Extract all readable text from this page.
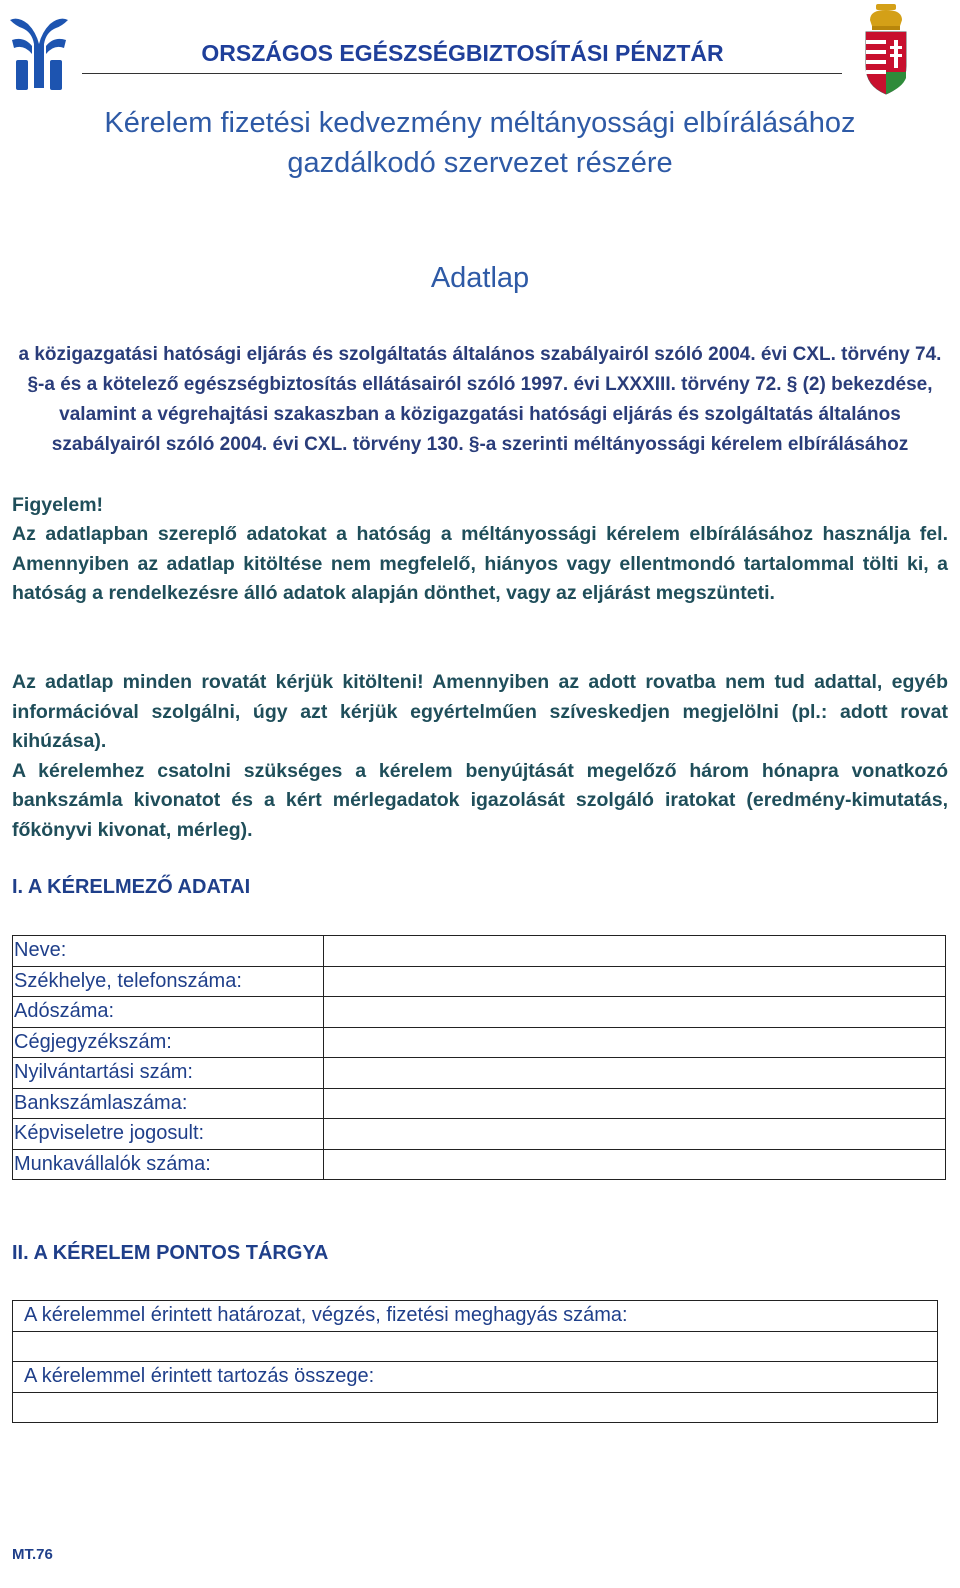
ORSZÁGOS EGÉSZSÉGBIZTOSÍTÁSI PÉNZTÁR
Kérelem fizetési kedvezmény méltányossági elbírálásához
gazdálkodó szervezet részére
Adatlap
a közigazgatási hatósági eljárás és szolgáltatás általános szabályairól szóló 2004. évi CXL. törvény 74. §-a és a kötelező egészségbiztosítás ellátásairól szóló 1997. évi LXXXIII. törvény 72. § (2) bekezdése, valamint a végrehajtási szakaszban a közigazgatási hatósági eljárás és szolgáltatás általános szabályairól szóló 2004. évi CXL. törvény 130. §-a szerinti méltányossági kérelem elbírálásához
Figyelem!
Az adatlapban szereplő adatokat a hatóság a méltányossági kérelem elbírálásához használja fel. Amennyiben az adatlap kitöltése nem megfelelő, hiányos vagy ellentmondó tartalommal tölti ki, a hatóság a rendelkezésre álló adatok alapján dönthet, vagy az eljárást megszünteti.
Az adatlap minden rovatát kérjük kitölteni! Amennyiben az adott rovatba nem tud adattal, egyéb információval szolgálni, úgy azt kérjük egyértelműen szíveskedjen megjelölni (pl.: adott rovat kihúzása).
A kérelemhez csatolni szükséges a kérelem benyújtását megelőző három hónapra vonatkozó bankszámla kivonatot és a kért mérlegadatok igazolását szolgáló iratokat (eredmény-kimutatás, főkönyvi kivonat, mérleg).
I. A KÉRELMEZŐ ADATAI
Neve:	
Székhelye, telefonszáma:	
Adószáma:	
Cégjegyzékszám:	
Nyilvántartási szám:	
Bankszámlaszáma:	
Képviseletre jogosult:	
Munkavállalók száma:	
II. A KÉRELEM PONTOS TÁRGYA
A kérelemmel érintett határozat, végzés, fizetési meghagyás száma:

A kérelemmel érintett tartozás összege:

MT.76
